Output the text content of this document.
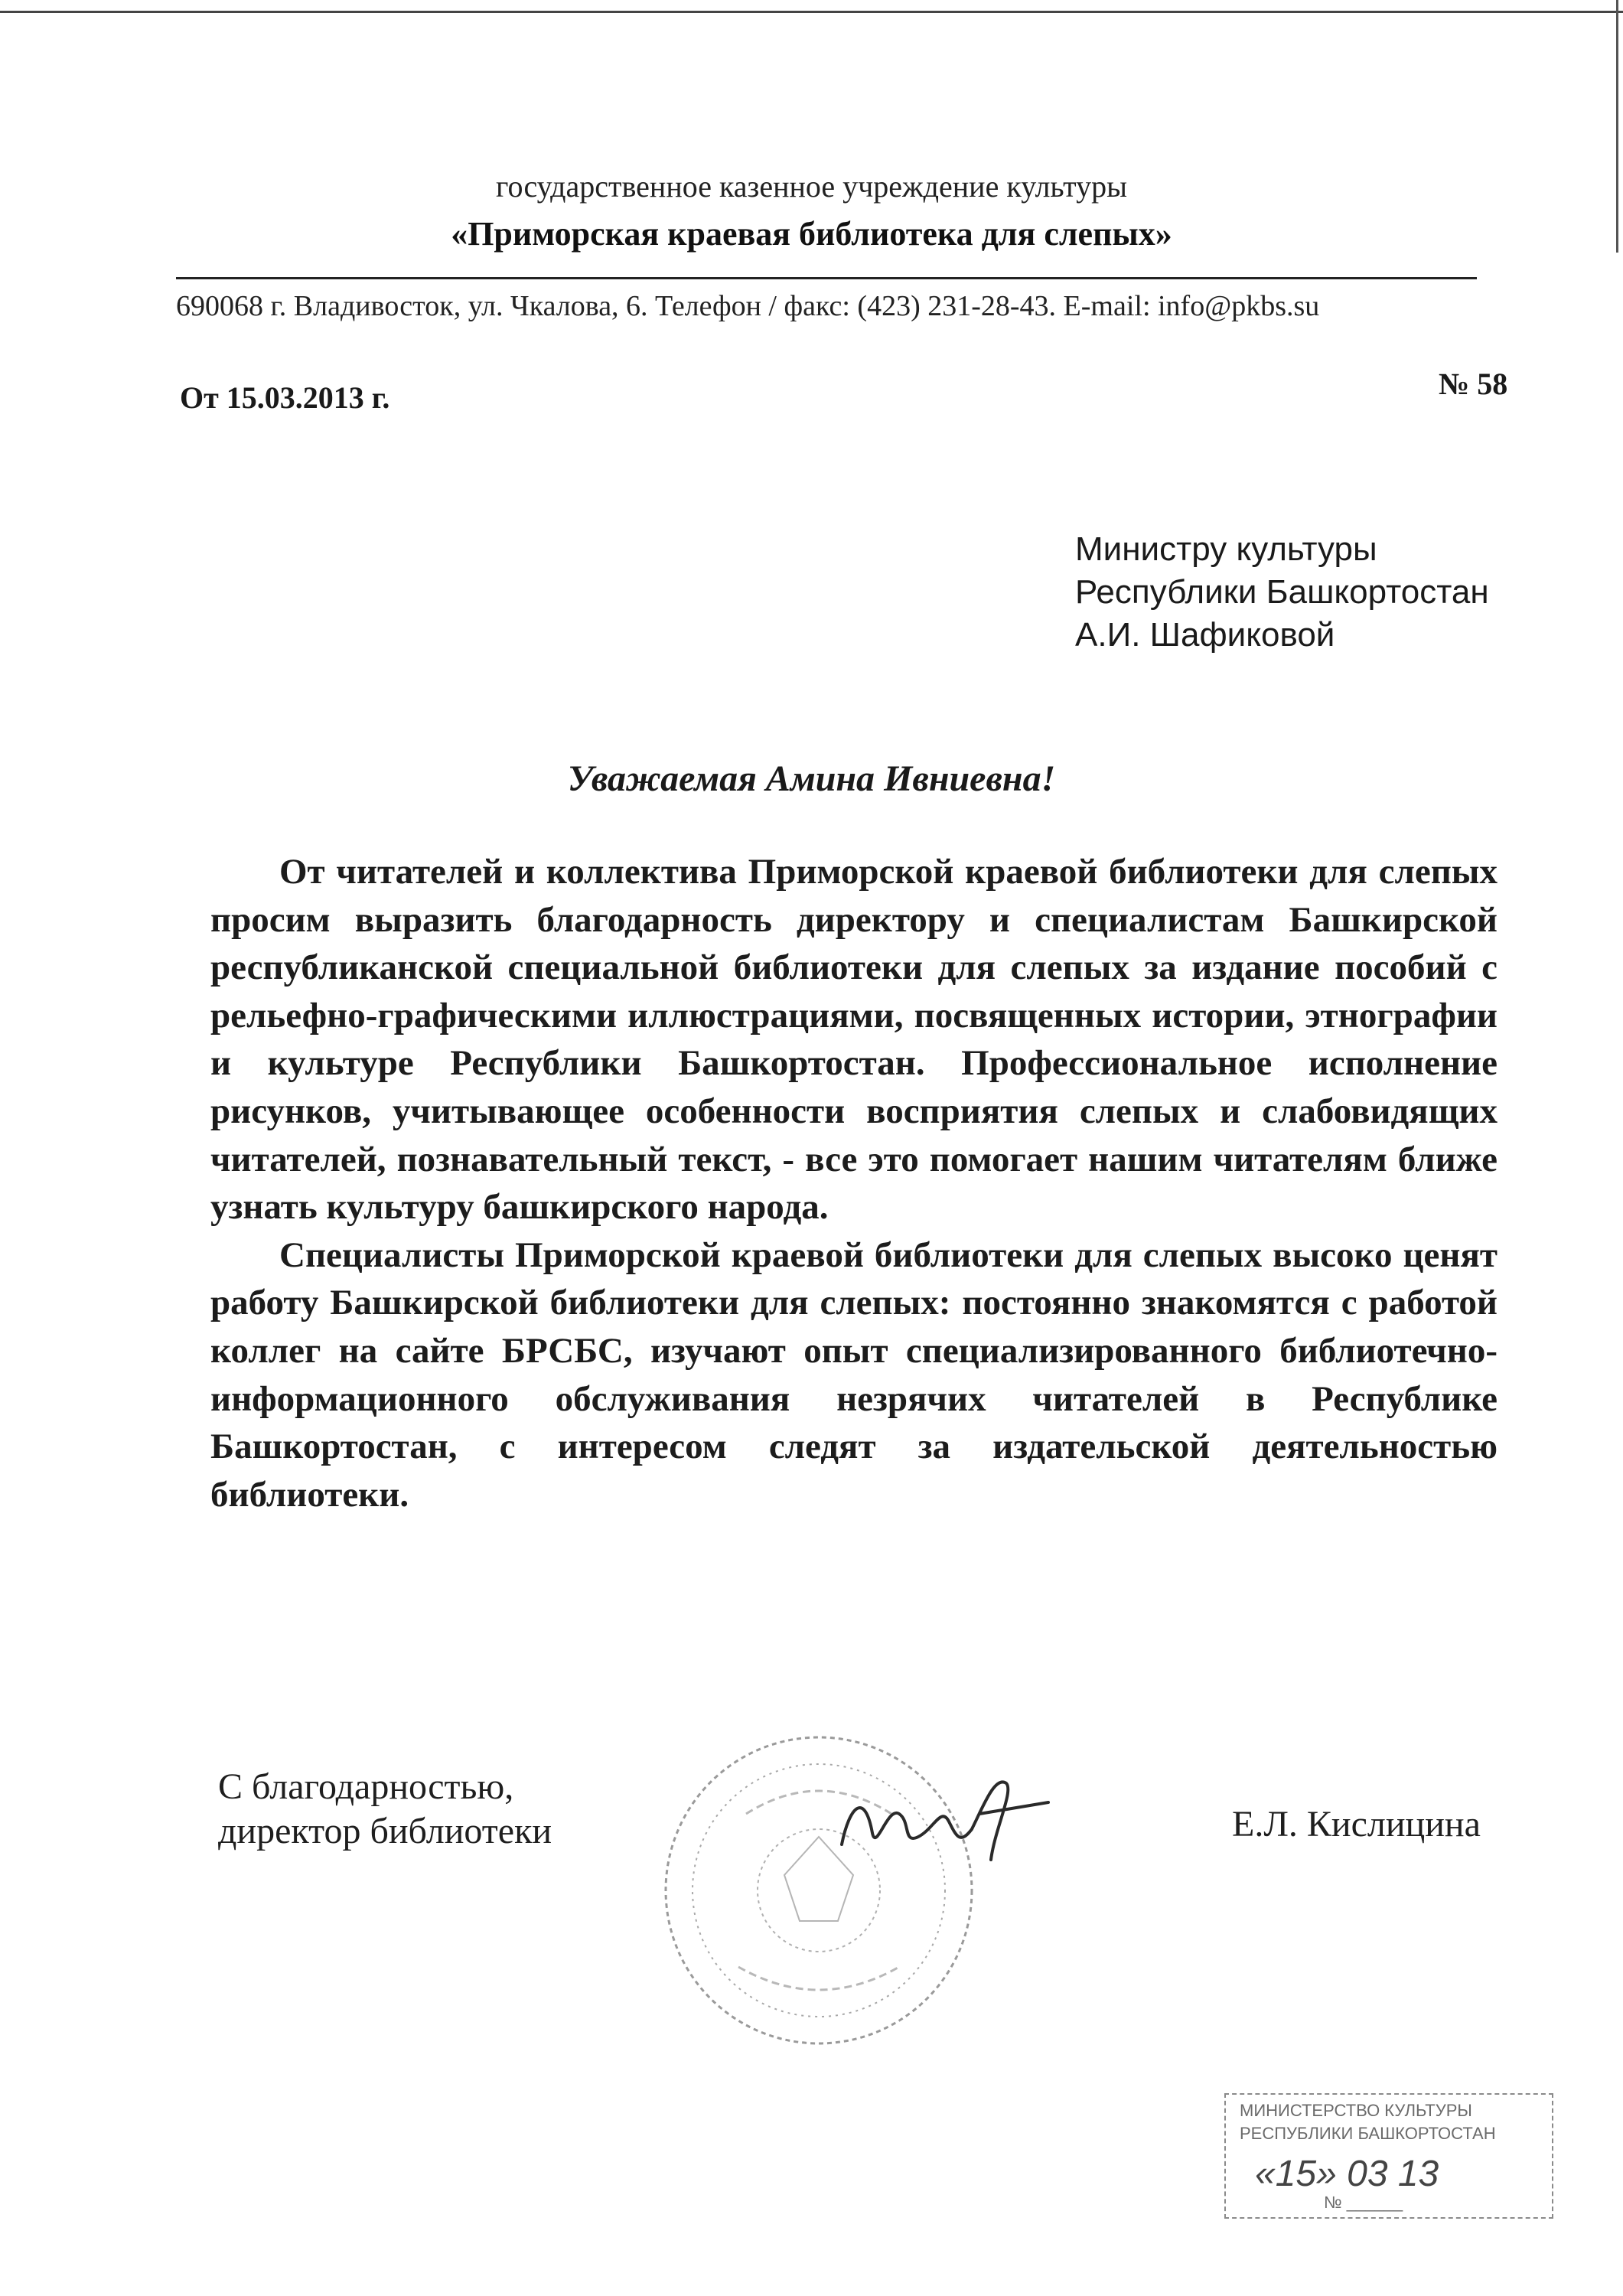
государственное казенное учреждение культуры
«Приморская краевая библиотека для слепых»
690068 г. Владивосток, ул. Чкалова, 6. Телефон / факс: (423) 231-28-43. E-mail: info@pkbs.su
От 15.03.2013 г.	№ 58
Министру культуры
Республики Башкортостан
А.И. Шафиковой
Уважаемая Амина Ивниевна!

От читателей и коллектива Приморской краевой библиотеки для слепых просим выразить благодарность директору и специалистам Башкирской республиканской специальной библиотеки для слепых за издание пособий с рельефно-графическими иллюстрациями, посвященных истории, этнографии и культуре Республики Башкортостан. Профессиональное исполнение рисунков, учитывающее особенности восприятия слепых и слабовидящих читателей, познавательный текст, - все это помогает нашим читателям ближе узнать культуру башкирского народа.

Специалисты Приморской краевой библиотеки для слепых высоко ценят работу Башкирской библиотеки для слепых: постоянно знакомятся с работой коллег на сайте БРСБС, изучают опыт специализированного библиотечно-информационного обслуживания незрячих читателей в Республике Башкортостан, с интересом следят за издательской деятельностью библиотеки.

С благодарностью,
директор библиотеки	Е.Л. Кислицина
МИНИСТЕРСТВО КУЛЬТУРЫ
РЕСПУБЛИКИ БАШКОРТОСТАН
«15» 03 13
№ ______
